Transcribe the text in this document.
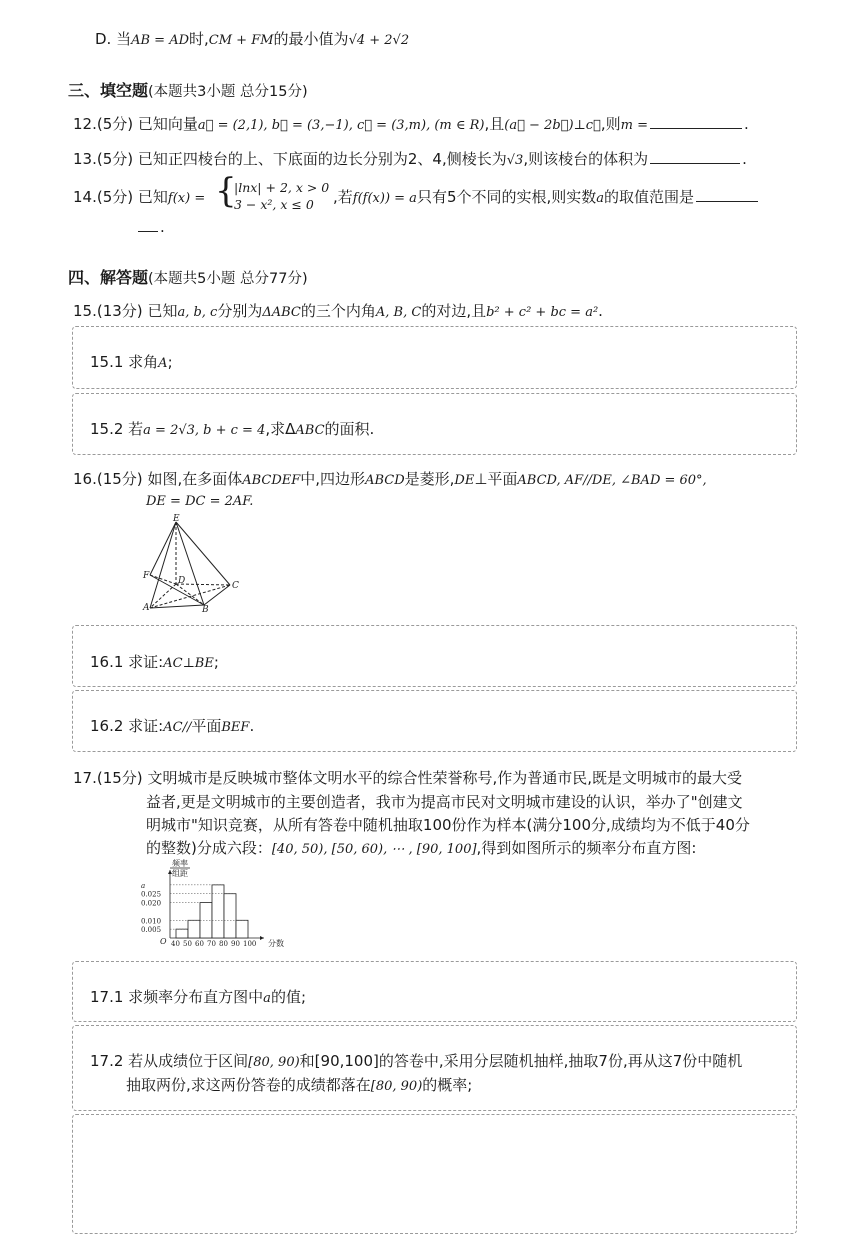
D. 当AB = AD时,CM + FM的最小值为√4 + 2√2
三、填空题(本题共3小题 总分15分)
12.(5分) 已知向量a⃗ = (2,1), b⃗ = (3,−1), c⃗ = (3,m), (m ∈ R),且(a⃗ − 2b⃗)⊥c⃗,则m =	.
13.(5分) 已知正四棱台的上、下底面的边长分别为2、4,侧棱长为√3,则该棱台的体积为	.
14.(5分) 已知f(x) = {
|lnx| + 2, x > 0
3 − x², x ≤ 0 ,若f(f(x)) = a只有5个不同的实根,则实数a的取值范围是
.
四、解答题(本题共5小题 总分77分)
15.(13分) 已知a, b, c分别为ΔABC的三个内角A, B, C的对边,且b² + c² + bc = a².
15.1 求角A;
15.2 若a = 2√3, b + c = 4,求ΔABC的面积.
16.(15分) 如图,在多面体ABCDEF中,四边形ABCD是菱形,DE⊥平面ABCD, AF//DE, ∠BAD = 60°,
DE = DC = 2AF.
E
F	D	C
A	B
16.1 求证:AC⊥BE;
16.2 求证:AC//平面BEF.
17.(15分) 文明城市是反映城市整体文明水平的综合性荣誉称号,作为普通市民,既是文明城市的最大受
益者,更是文明城市的主要创造者，我市为提高市民对文明城市建设的认识，举办了"创建文
明城市"知识竞赛，从所有答卷中随机抽取100份作为样本(满分100分,成绩均为不低于40分
的整数)分成六段：[40, 50), [50, 60), ⋯ , [90, 100],得到如图所示的频率分布直方图:
频率
组距
O	分数
0.005
0.010
0.020
0.025
a
40 50 60 70 80 90 100
17.1 求频率分布直方图中a的值;
17.2 若从成绩位于区间[80, 90)和[90,100]的答卷中,采用分层随机抽样,抽取7份,再从这7份中随机
抽取两份,求这两份答卷的成绩都落在[80, 90)的概率;
